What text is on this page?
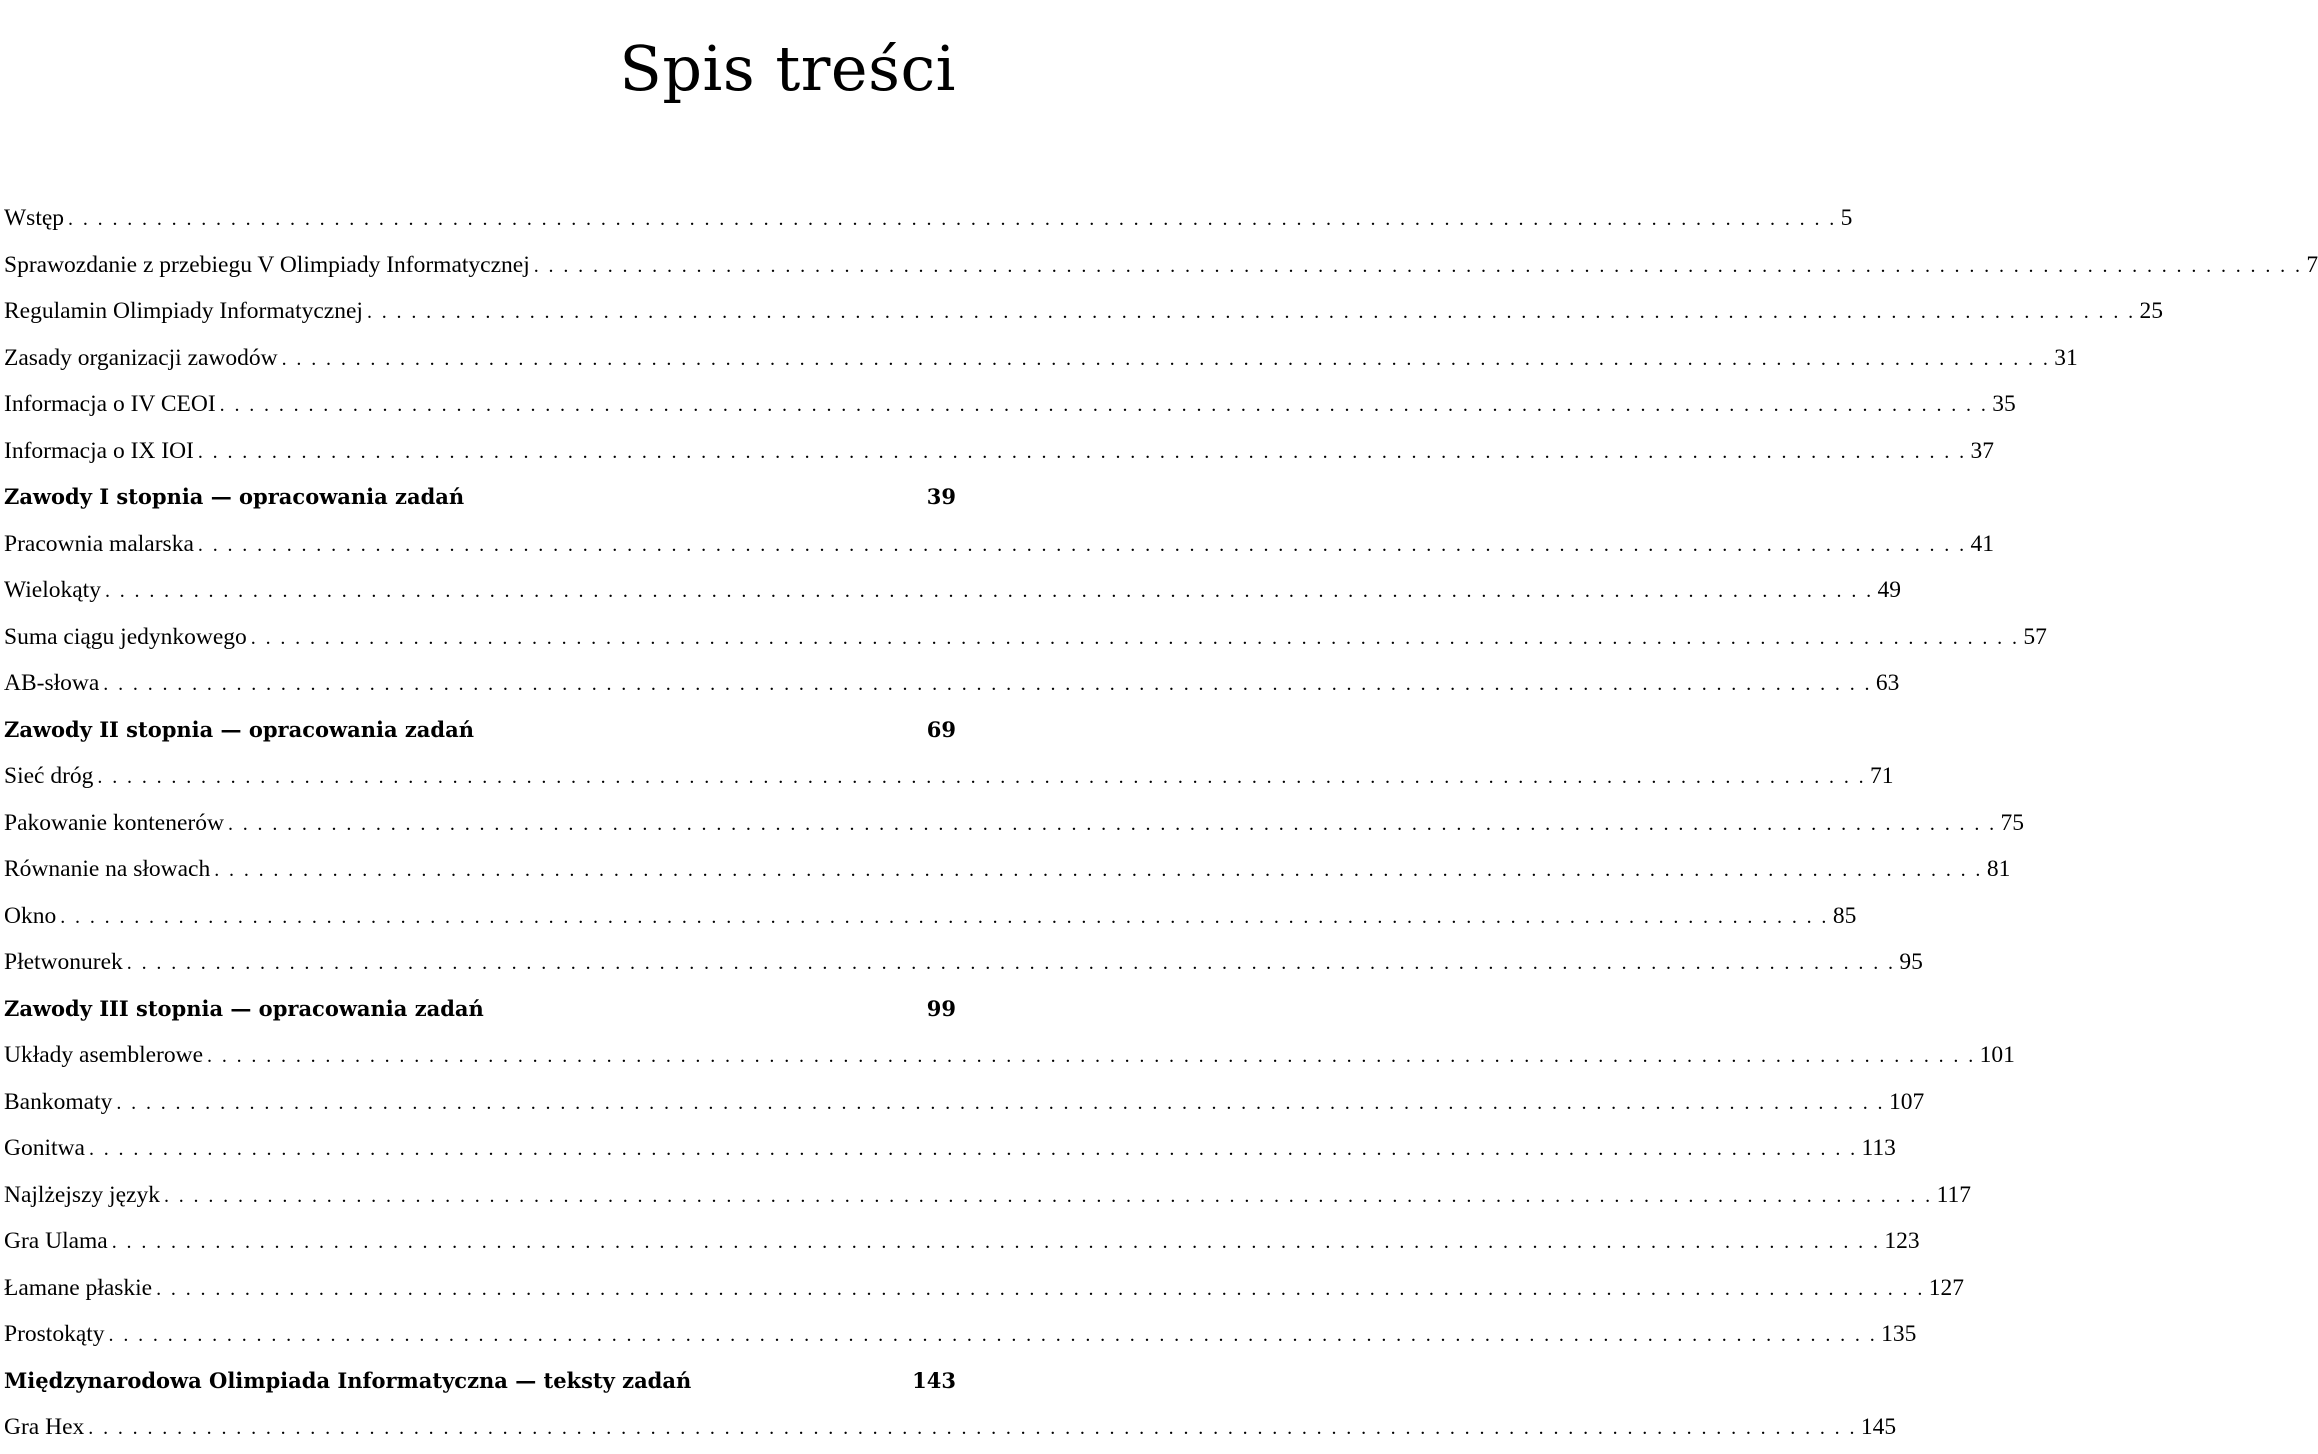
Spis treści
Wstęp . . . . . . . . . . . . . . . . . . . . . . . . . . . . . . . . . . . . . . . . . . . . . . . . . . . . . . . . . . . . . . . . . . . . . . . . . . . . . . . . . . . . . . . . . . . . . . . . . . . . . . . . . . . . . . . . . . . . . . . . 5
Sprawozdanie z przebiegu V Olimpiady Informatycznej . . . . . . . . . . . . . . . . . . . . . . . . . . . . . . . . . . . . . . . . . . . . . . . . . . . . . . . . . . . . . . . . . . . . . . . . . . . . . . . . . . . . . . . . . . . . . . . . . . . . . . . . . . . . . . . . . . . . . . . . 7
Regulamin Olimpiady Informatycznej . . . . . . . . . . . . . . . . . . . . . . . . . . . . . . . . . . . . . . . . . . . . . . . . . . . . . . . . . . . . . . . . . . . . . . . . . . . . . . . . . . . . . . . . . . . . . . . . . . . . . . . . . . . . . . . . . . . . . . . . 25
Zasady organizacji zawodów . . . . . . . . . . . . . . . . . . . . . . . . . . . . . . . . . . . . . . . . . . . . . . . . . . . . . . . . . . . . . . . . . . . . . . . . . . . . . . . . . . . . . . . . . . . . . . . . . . . . . . . . . . . . . . . . . . . . . . . . 31
Informacja o IV CEOI . . . . . . . . . . . . . . . . . . . . . . . . . . . . . . . . . . . . . . . . . . . . . . . . . . . . . . . . . . . . . . . . . . . . . . . . . . . . . . . . . . . . . . . . . . . . . . . . . . . . . . . . . . . . . . . . . . . . . . . . 35
Informacja o IX IOI . . . . . . . . . . . . . . . . . . . . . . . . . . . . . . . . . . . . . . . . . . . . . . . . . . . . . . . . . . . . . . . . . . . . . . . . . . . . . . . . . . . . . . . . . . . . . . . . . . . . . . . . . . . . . . . . . . . . . . . . 37
Zawody I stopnia — opracowania zadań	39
Pracownia malarska . . . . . . . . . . . . . . . . . . . . . . . . . . . . . . . . . . . . . . . . . . . . . . . . . . . . . . . . . . . . . . . . . . . . . . . . . . . . . . . . . . . . . . . . . . . . . . . . . . . . . . . . . . . . . . . . . . . . . . . . 41
Wielokąty . . . . . . . . . . . . . . . . . . . . . . . . . . . . . . . . . . . . . . . . . . . . . . . . . . . . . . . . . . . . . . . . . . . . . . . . . . . . . . . . . . . . . . . . . . . . . . . . . . . . . . . . . . . . . . . . . . . . . . . . 49
Suma ciągu jedynkowego . . . . . . . . . . . . . . . . . . . . . . . . . . . . . . . . . . . . . . . . . . . . . . . . . . . . . . . . . . . . . . . . . . . . . . . . . . . . . . . . . . . . . . . . . . . . . . . . . . . . . . . . . . . . . . . . . . . . . . . . 57
AB-słowa . . . . . . . . . . . . . . . . . . . . . . . . . . . . . . . . . . . . . . . . . . . . . . . . . . . . . . . . . . . . . . . . . . . . . . . . . . . . . . . . . . . . . . . . . . . . . . . . . . . . . . . . . . . . . . . . . . . . . . . . 63
Zawody II stopnia — opracowania zadań	69
Sieć dróg . . . . . . . . . . . . . . . . . . . . . . . . . . . . . . . . . . . . . . . . . . . . . . . . . . . . . . . . . . . . . . . . . . . . . . . . . . . . . . . . . . . . . . . . . . . . . . . . . . . . . . . . . . . . . . . . . . . . . . . . 71
Pakowanie kontenerów . . . . . . . . . . . . . . . . . . . . . . . . . . . . . . . . . . . . . . . . . . . . . . . . . . . . . . . . . . . . . . . . . . . . . . . . . . . . . . . . . . . . . . . . . . . . . . . . . . . . . . . . . . . . . . . . . . . . . . . . 75
Równanie na słowach . . . . . . . . . . . . . . . . . . . . . . . . . . . . . . . . . . . . . . . . . . . . . . . . . . . . . . . . . . . . . . . . . . . . . . . . . . . . . . . . . . . . . . . . . . . . . . . . . . . . . . . . . . . . . . . . . . . . . . . . 81
Okno . . . . . . . . . . . . . . . . . . . . . . . . . . . . . . . . . . . . . . . . . . . . . . . . . . . . . . . . . . . . . . . . . . . . . . . . . . . . . . . . . . . . . . . . . . . . . . . . . . . . . . . . . . . . . . . . . . . . . . . . 85
Płetwonurek . . . . . . . . . . . . . . . . . . . . . . . . . . . . . . . . . . . . . . . . . . . . . . . . . . . . . . . . . . . . . . . . . . . . . . . . . . . . . . . . . . . . . . . . . . . . . . . . . . . . . . . . . . . . . . . . . . . . . . . . 95
Zawody III stopnia — opracowania zadań	99
Układy asemblerowe . . . . . . . . . . . . . . . . . . . . . . . . . . . . . . . . . . . . . . . . . . . . . . . . . . . . . . . . . . . . . . . . . . . . . . . . . . . . . . . . . . . . . . . . . . . . . . . . . . . . . . . . . . . . . . . . . . . . . . . . 101
Bankomaty . . . . . . . . . . . . . . . . . . . . . . . . . . . . . . . . . . . . . . . . . . . . . . . . . . . . . . . . . . . . . . . . . . . . . . . . . . . . . . . . . . . . . . . . . . . . . . . . . . . . . . . . . . . . . . . . . . . . . . . . 107
Gonitwa . . . . . . . . . . . . . . . . . . . . . . . . . . . . . . . . . . . . . . . . . . . . . . . . . . . . . . . . . . . . . . . . . . . . . . . . . . . . . . . . . . . . . . . . . . . . . . . . . . . . . . . . . . . . . . . . . . . . . . . . 113
Najlżejszy język . . . . . . . . . . . . . . . . . . . . . . . . . . . . . . . . . . . . . . . . . . . . . . . . . . . . . . . . . . . . . . . . . . . . . . . . . . . . . . . . . . . . . . . . . . . . . . . . . . . . . . . . . . . . . . . . . . . . . . . . 117
Gra Ulama . . . . . . . . . . . . . . . . . . . . . . . . . . . . . . . . . . . . . . . . . . . . . . . . . . . . . . . . . . . . . . . . . . . . . . . . . . . . . . . . . . . . . . . . . . . . . . . . . . . . . . . . . . . . . . . . . . . . . . . . 123
Łamane płaskie . . . . . . . . . . . . . . . . . . . . . . . . . . . . . . . . . . . . . . . . . . . . . . . . . . . . . . . . . . . . . . . . . . . . . . . . . . . . . . . . . . . . . . . . . . . . . . . . . . . . . . . . . . . . . . . . . . . . . . . . 127
Prostokąty . . . . . . . . . . . . . . . . . . . . . . . . . . . . . . . . . . . . . . . . . . . . . . . . . . . . . . . . . . . . . . . . . . . . . . . . . . . . . . . . . . . . . . . . . . . . . . . . . . . . . . . . . . . . . . . . . . . . . . . . 135
Międzynarodowa Olimpiada Informatyczna — teksty zadań	143
Gra Hex . . . . . . . . . . . . . . . . . . . . . . . . . . . . . . . . . . . . . . . . . . . . . . . . . . . . . . . . . . . . . . . . . . . . . . . . . . . . . . . . . . . . . . . . . . . . . . . . . . . . . . . . . . . . . . . . . . . . . . . . 145
